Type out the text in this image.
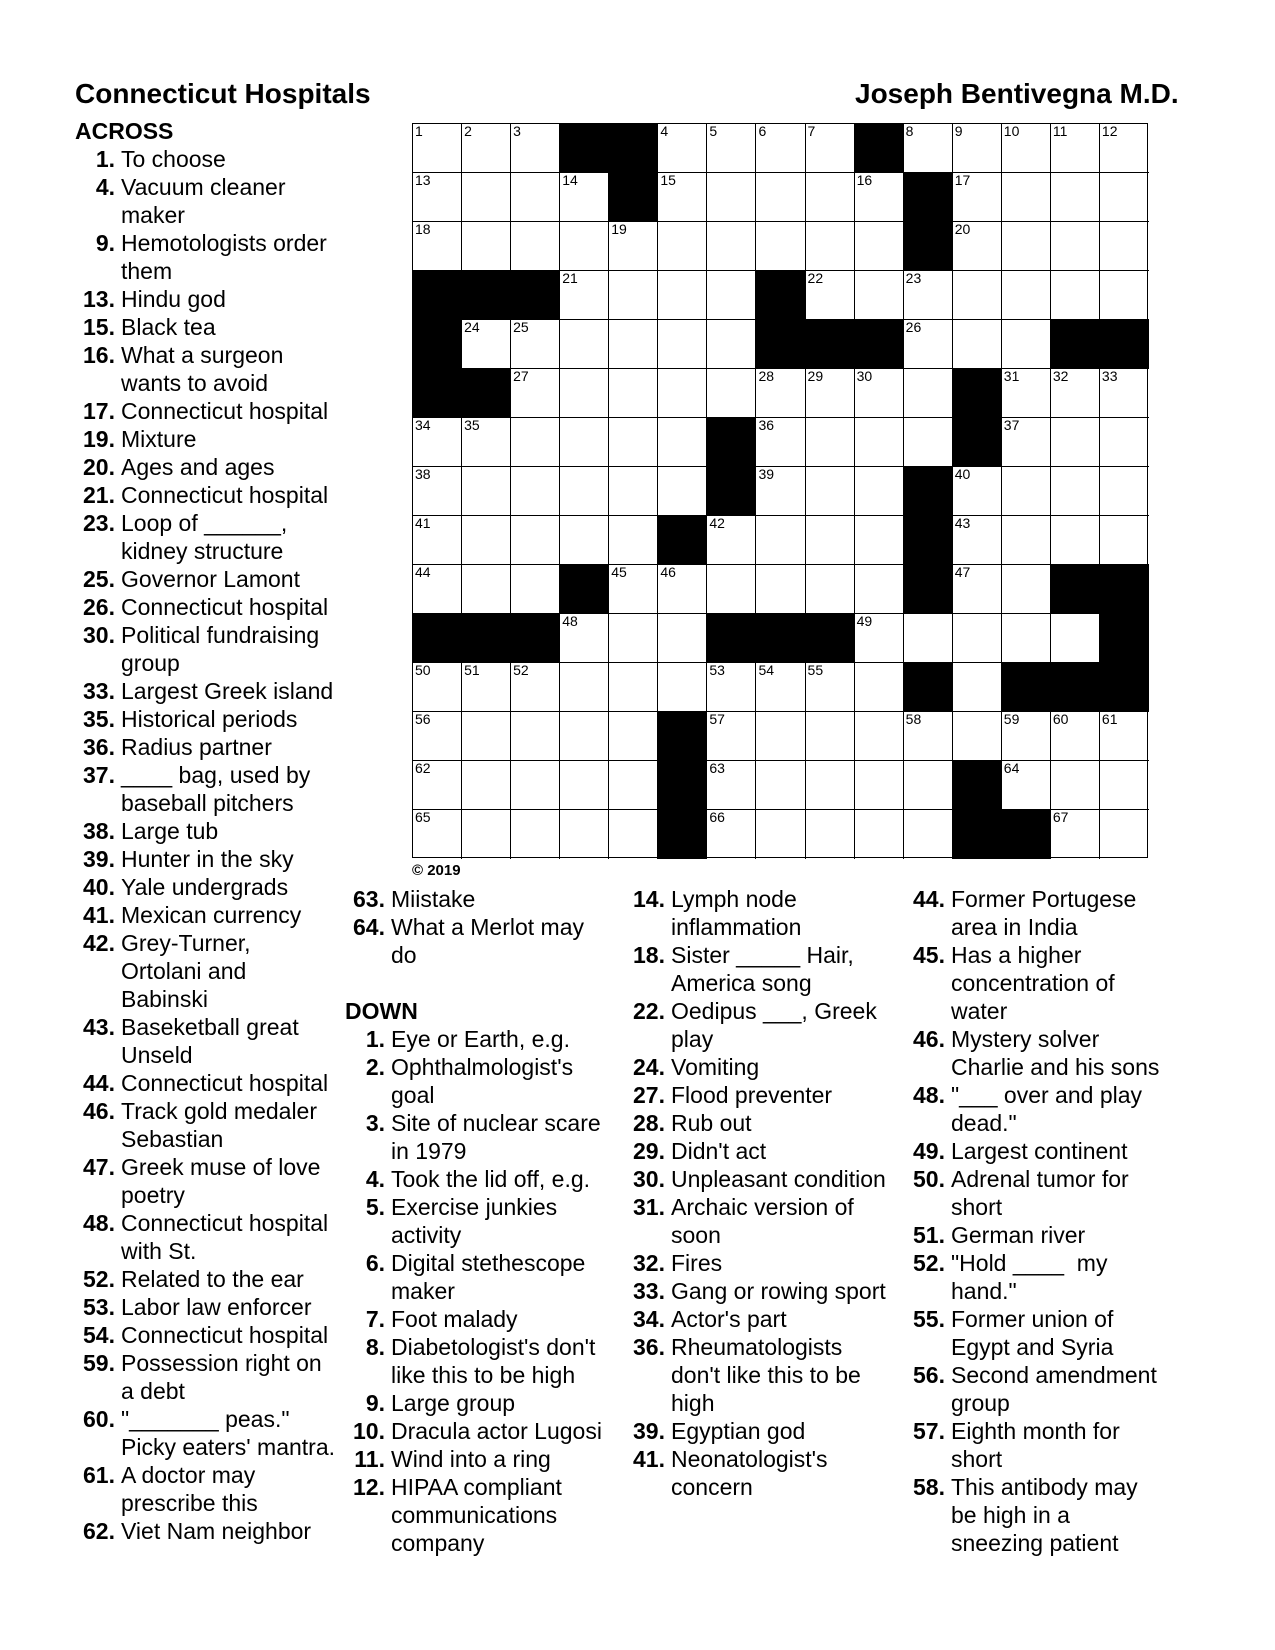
Connecticut Hospitals	Joseph Bentivegna M.D.
1	2	3	4	5	6	7	8	9	10 11 12
13	14	15	16	17
18	19	20
21	22	23
24 25	26
27	28 29 30	31 32 33
34 35	36	37
38	39	40
41	42	43
44	45 46	47
48	49
50 51 52	53 54 55
56	57	58	59 60 61
62	63	64
65	66	67
© 2019
ACROSS
1. To choose
4. Vacuum cleaner
maker
9. Hemotologists order
them
13. Hindu god
15. Black tea
16. What a surgeon
wants to avoid
17. Connecticut hospital
19. Mixture
20. Ages and ages
21. Connecticut hospital
23. Loop of ______,
kidney structure
25. Governor Lamont
26. Connecticut hospital
30. Political fundraising
group
33. Largest Greek island
35. Historical periods
36. Radius partner
37. ____ bag, used by
baseball pitchers
38. Large tub
39. Hunter in the sky
40. Yale undergrads
41. Mexican currency
42. Grey-Turner,
Ortolani and
Babinski
43. Baseketball great
Unseld
44. Connecticut hospital
46. Track gold medaler
Sebastian
47. Greek muse of love
poetry
48. Connecticut hospital
with St.
52. Related to the ear
53. Labor law enforcer
54. Connecticut hospital
59. Possession right on
a debt
60. "_______ peas."
Picky eaters' mantra.
61. A doctor may
prescribe this
62. Viet Nam neighbor
63. Miistake
64. What a Merlot may
do
DOWN
1. Eye or Earth, e.g.
2. Ophthalmologist's
goal
3. Site of nuclear scare
in 1979
4. Took the lid off, e.g.
5. Exercise junkies
activity
6. Digital stethescope
maker
7. Foot malady
8. Diabetologist's don't
like this to be high
9. Large group
10. Dracula actor Lugosi
11. Wind into a ring
12. HIPAA compliant
communications
company
14. Lymph node
inflammation
18. Sister _____ Hair,
America song
22. Oedipus ___, Greek
play
24. Vomiting
27. Flood preventer
28. Rub out
29. Didn't act
30. Unpleasant condition
31. Archaic version of
soon
32. Fires
33. Gang or rowing sport
34. Actor's part
36. Rheumatologists
don't like this to be
high
39. Egyptian god
41. Neonatologist's
concern
44. Former Portugese
area in India
45. Has a higher
concentration of
water
46. Mystery solver
Charlie and his sons
48. "___ over and play
dead."
49. Largest continent
50. Adrenal tumor for
short
51. German river
52. "Hold ____  my
hand."
55. Former union of
Egypt and Syria
56. Second amendment
group
57. Eighth month for
short
58. This antibody may
be high in a
sneezing patient
